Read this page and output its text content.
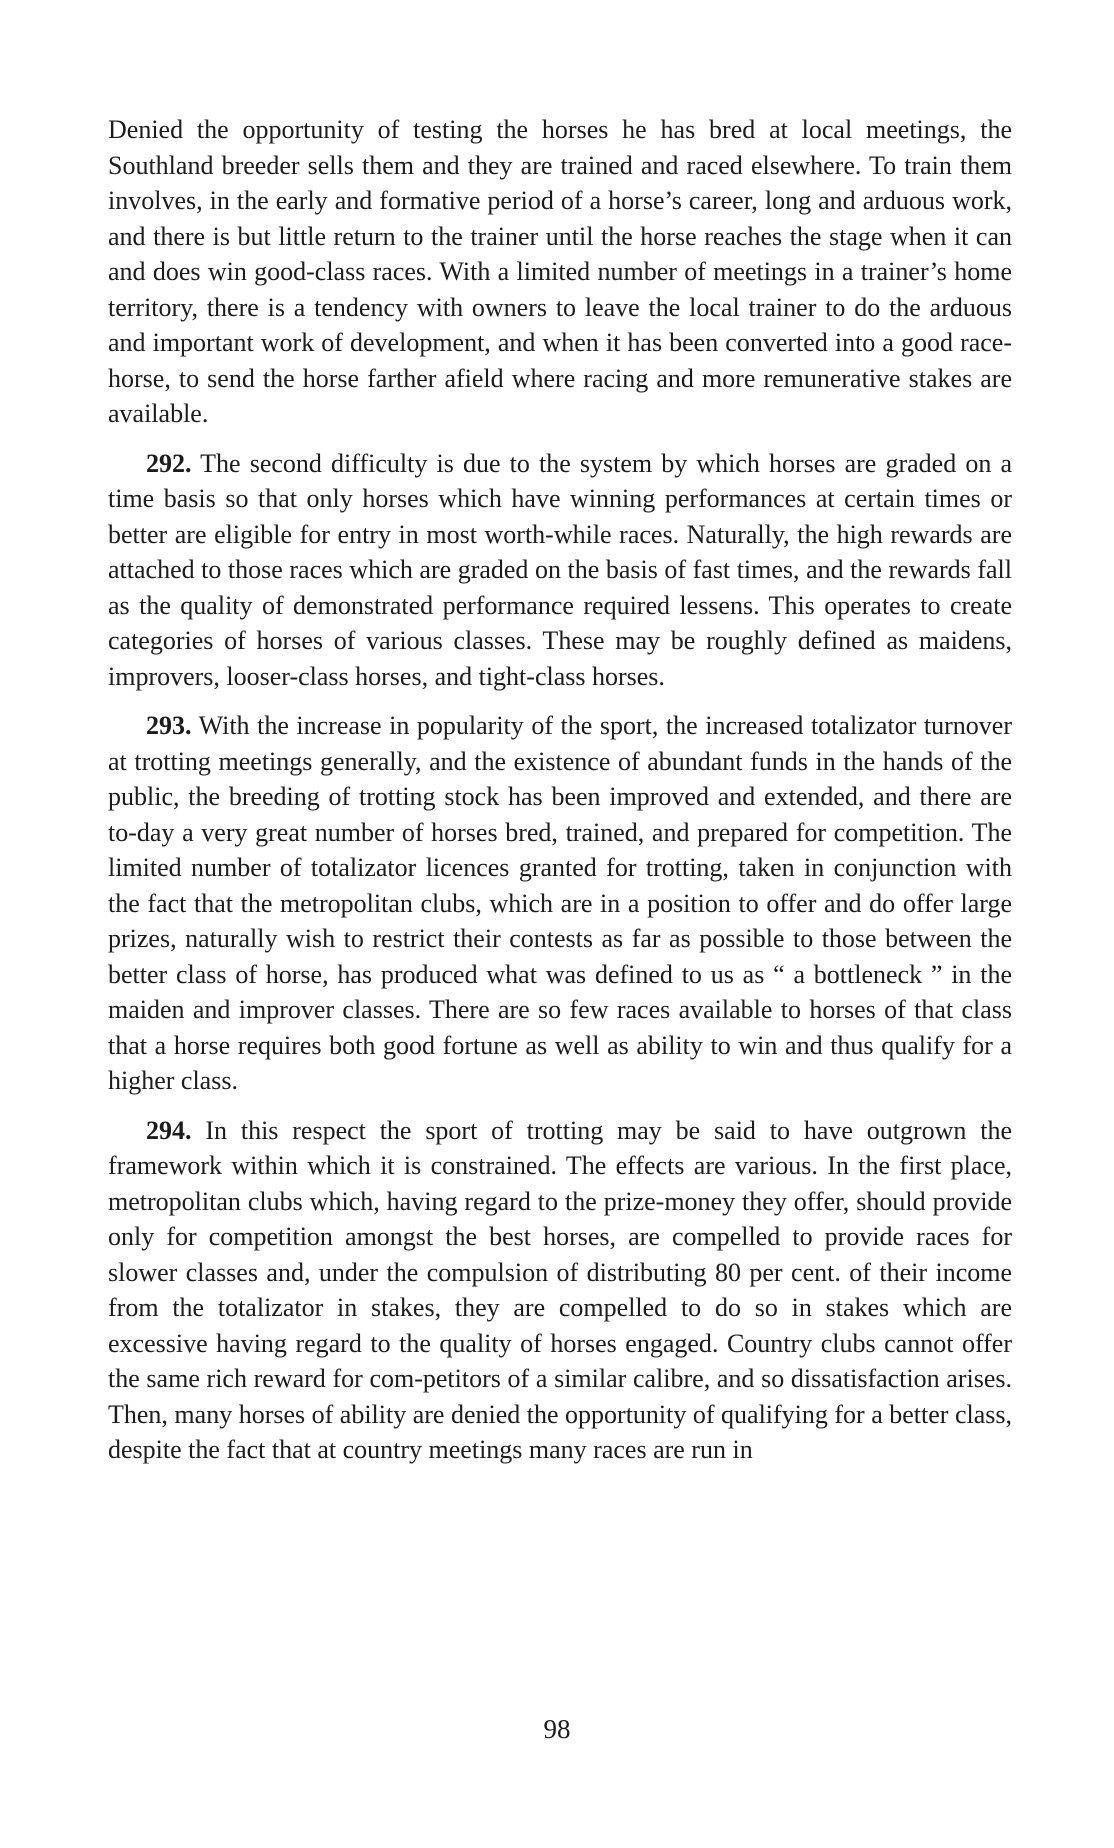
Denied the opportunity of testing the horses he has bred at local meetings, the Southland breeder sells them and they are trained and raced elsewhere. To train them involves, in the early and formative period of a horse’s career, long and arduous work, and there is but little return to the trainer until the horse reaches the stage when it can and does win good-class races. With a limited number of meetings in a trainer’s home territory, there is a tendency with owners to leave the local trainer to do the arduous and important work of development, and when it has been converted into a good race-horse, to send the horse farther afield where racing and more remunerative stakes are available.

292. The second difficulty is due to the system by which horses are graded on a time basis so that only horses which have winning performances at certain times or better are eligible for entry in most worth-while races. Naturally, the high rewards are attached to those races which are graded on the basis of fast times, and the rewards fall as the quality of demonstrated performance required lessens. This operates to create categories of horses of various classes. These may be roughly defined as maidens, improvers, looser-class horses, and tight-class horses.

293. With the increase in popularity of the sport, the increased totalizator turnover at trotting meetings generally, and the existence of abundant funds in the hands of the public, the breeding of trotting stock has been improved and extended, and there are to-day a very great number of horses bred, trained, and prepared for competition. The limited number of totalizator licences granted for trotting, taken in conjunction with the fact that the metropolitan clubs, which are in a position to offer and do offer large prizes, naturally wish to restrict their contests as far as possible to those between the better class of horse, has produced what was defined to us as “ a bottleneck ” in the maiden and improver classes. There are so few races available to horses of that class that a horse requires both good fortune as well as ability to win and thus qualify for a higher class.

294. In this respect the sport of trotting may be said to have outgrown the framework within which it is constrained. The effects are various. In the first place, metropolitan clubs which, having regard to the prize-money they offer, should provide only for competition amongst the best horses, are compelled to provide races for slower classes and, under the compulsion of distributing 80 per cent. of their income from the totalizator in stakes, they are compelled to do so in stakes which are excessive having regard to the quality of horses engaged. Country clubs cannot offer the same rich reward for com-petitors of a similar calibre, and so dissatisfaction arises. Then, many horses of ability are denied the opportunity of qualifying for a better class, despite the fact that at country meetings many races are run in

98
